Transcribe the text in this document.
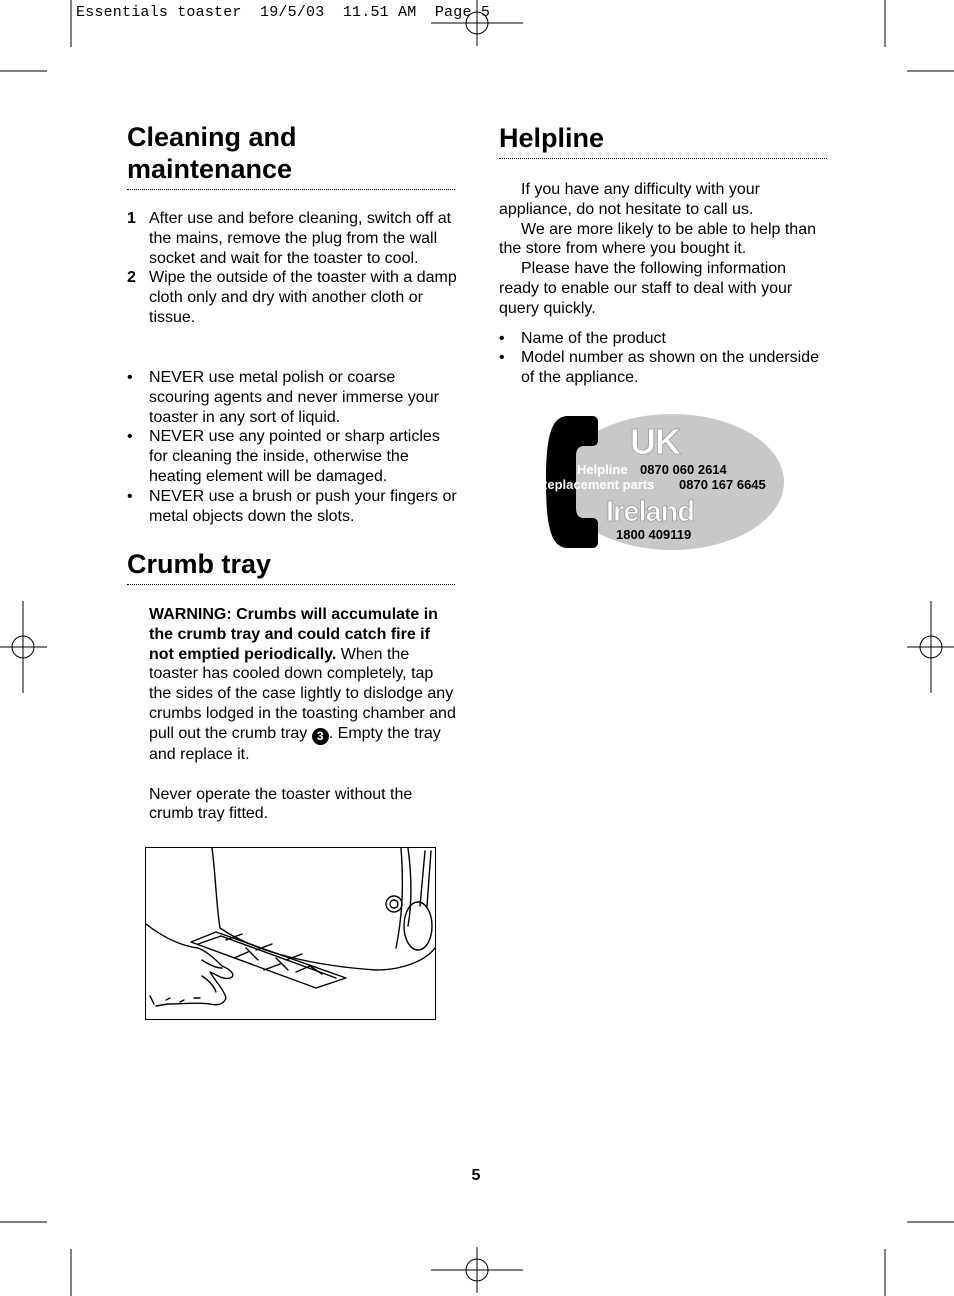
Essentials toaster  19/5/03  11.51 AM  Page 5
Cleaning and
maintenance
1 After use and before cleaning, switch off at the mains, remove the plug from the wall socket and wait for the toaster to cool.
2 Wipe the outside of the toaster with a damp cloth only and dry with another cloth or tissue.
• NEVER use metal polish or coarse scouring agents and never immerse your toaster in any sort of liquid.
• NEVER use any pointed or sharp articles for cleaning the inside, otherwise the heating element will be damaged.
• NEVER use a brush or push your fingers or metal objects down the slots.
Crumb tray

WARNING: Crumbs will accumulate in the crumb tray and could catch fire if not emptied periodically. When the toaster has cooled down completely, tap the sides of the case lightly to dislodge any crumbs lodged in the toasting chamber and pull out the crumb tray 3 . Empty the tray and replace it.

Never operate the toaster without the crumb tray fitted.

Helpline

If you have any difficulty with your appliance, do not hesitate to call us.

We are more likely to be able to help than the store from where you bought it.

Please have the following information ready to enable our staff to deal with your query quickly.

• Name of the product
• Model number as shown on the underside of the appliance.
UK
Helpline 0870 060 2614
Replacement parts 0870 167 6645
Ireland
1800 409119
5
